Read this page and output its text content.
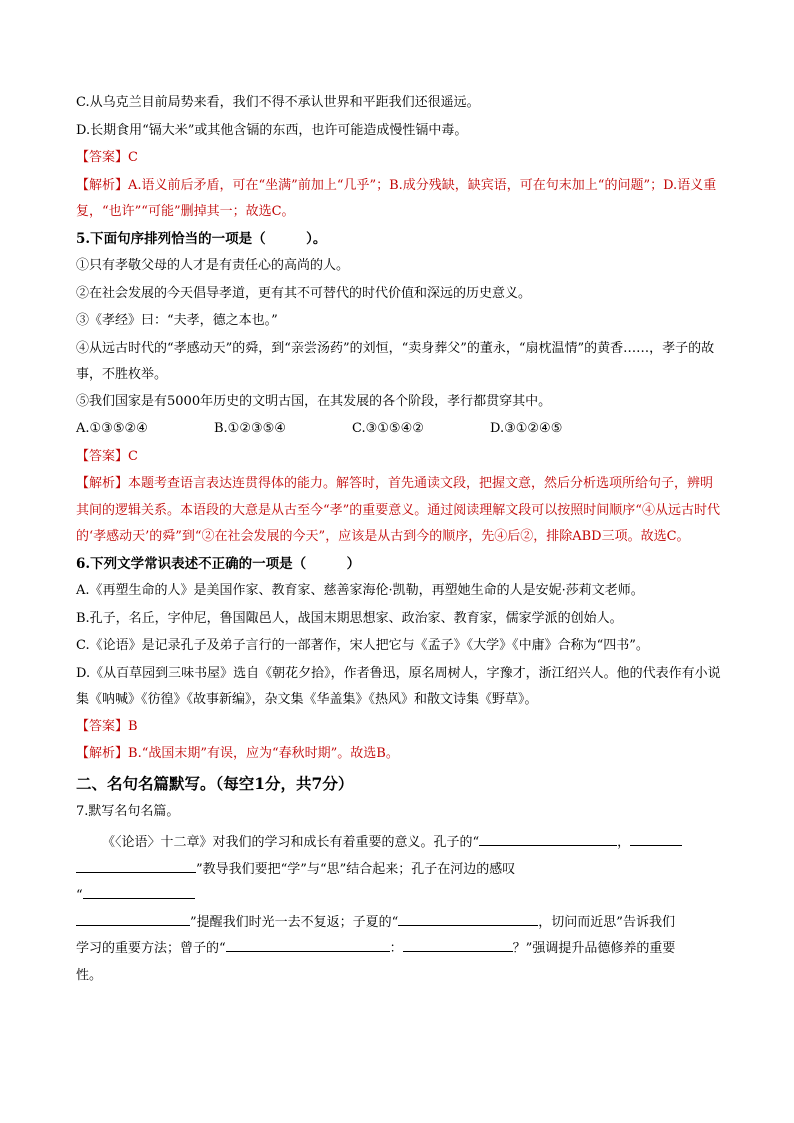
C.从乌克兰目前局势来看，我们不得不承认世界和平距我们还很遥远。

D.长期食用“镉大米”或其他含镉的东西，也许可能造成慢性镉中毒。

【答案】C

【解析】A.语义前后矛盾，可在“坐满”前加上“几乎”；B.成分残缺，缺宾语，可在句末加上“的问题”；D.语义重复，“也许”“可能”删掉其一；故选C。

5.下面句序排列恰当的一项是（　　　）。

①只有孝敬父母的人才是有责任心的高尚的人。

②在社会发展的今天倡导孝道，更有其不可替代的时代价值和深远的历史意义。

③《孝经》曰：“夫孝，德之本也。”

④从远古时代的“孝感动天”的舜，到“亲尝汤药”的刘恒，“卖身葬父”的董永，“扇枕温情”的黄香……，孝子的故事，不胜枚举。

⑤我们国家是有5000年历史的文明古国，在其发展的各个阶段，孝行都贯穿其中。

A.①③⑤②④	B.①②③⑤④	C.③①⑤④②	D.③①②④⑤

【答案】C

【解析】本题考查语言表达连贯得体的能力。解答时，首先通读文段，把握文意，然后分析选项所给句子，辨明其间的逻辑关系。本语段的大意是从古至今“孝”的重要意义。通过阅读理解文段可以按照时间顺序“④从远古时代的‘孝感动天’的舜”到“②在社会发展的今天”，应该是从古到今的顺序，先④后②，排除ABD三项。故选C。

6.下列文学常识表述不正确的一项是（　　　）

A.《再塑生命的人》是美国作家、教育家、慈善家海伦·凯勒，再塑她生命的人是安妮·莎莉文老师。

B.孔子，名丘，字仲尼，鲁国陬邑人，战国末期思想家、政治家、教育家，儒家学派的创始人。

C.《论语》是记录孔子及弟子言行的一部著作，宋人把它与《孟子》《大学》《中庸》合称为“四书”。

D.《从百草园到三味书屋》选自《朝花夕拾》，作者鲁迅，原名周树人，字豫才，浙江绍兴人。他的代表作有小说集《呐喊》《彷徨》《故事新编》，杂文集《华盖集》《热风》和散文诗集《野草》。

【答案】B

【解析】B.“战国末期”有误，应为“春秋时期”。故选B。

二、名句名篇默写。（每空1分，共7分）

7.默写名句名篇。

《〈论语〉十二章》对我们的学习和成长有着重要的意义。孔子的“	，
”教导我们要把“学”与“思”结合起来；孔子在河边的感叹
“
”提醒我们时光一去不复返；子夏的“	，切问而近思”告诉我们
学习的重要方法；曾子的“	：	？”强调提升品德修养的重要
性。
